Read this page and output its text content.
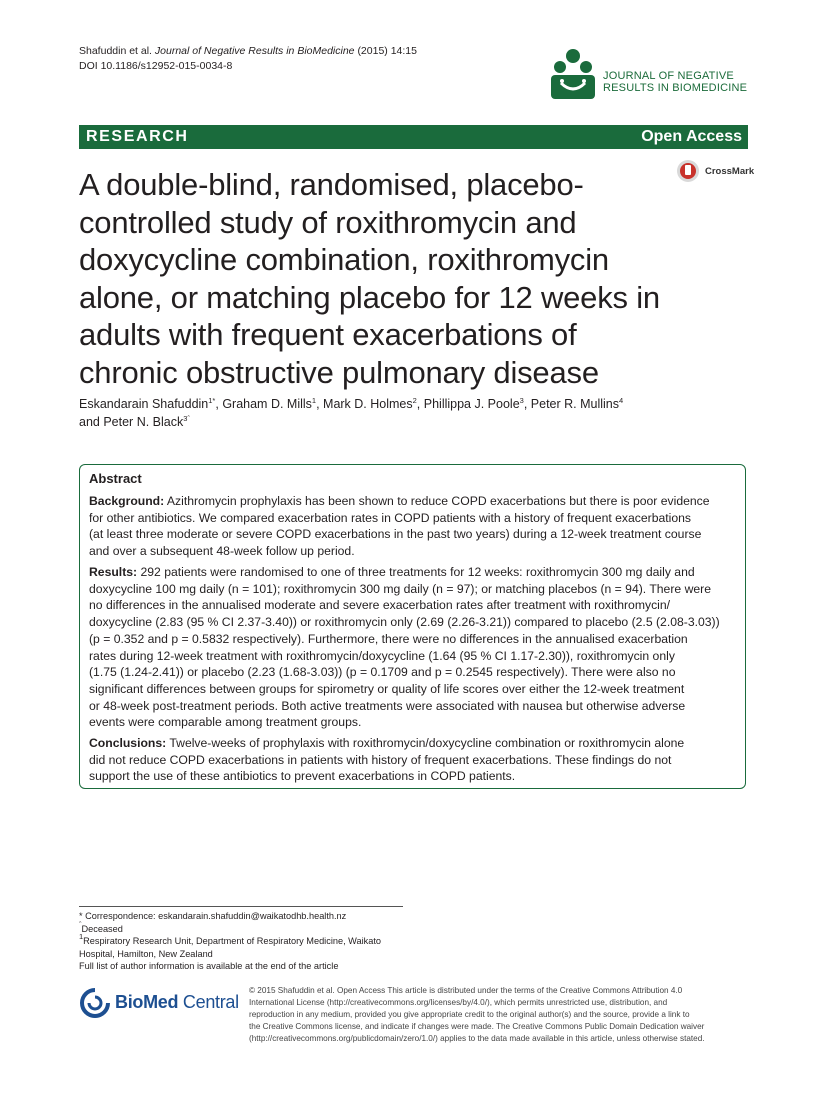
Shafuddin et al. Journal of Negative Results in BioMedicine (2015) 14:15
DOI 10.1186/s12952-015-0034-8
JOURNAL OF NEGATIVE
RESULTS IN BIOMEDICINE
RESEARCH	Open Access
CrossMark
A double-blind, randomised, placebo-
controlled study of roxithromycin and
doxycycline combination, roxithromycin
alone, or matching placebo for 12 weeks in
adults with frequent exacerbations of
chronic obstructive pulmonary disease
Eskandarain Shafuddin$^{1*}$, Graham D. Mills$^1$, Mark D. Holmes$^2$, Phillippa J. Poole$^3$, Peter R. Mullins$^4$
and Peter N. Black$^{3ˆ}$
Abstract
Background: Azithromycin prophylaxis has been shown to reduce COPD exacerbations but there is poor evidence
for other antibiotics. We compared exacerbation rates in COPD patients with a history of frequent exacerbations
(at least three moderate or severe COPD exacerbations in the past two years) during a 12-week treatment course
and over a subsequent 48-week follow up period.
Results: 292 patients were randomised to one of three treatments for 12 weeks: roxithromycin 300 mg daily and
doxycycline 100 mg daily (n = 101); roxithromycin 300 mg daily (n = 97); or matching placebos (n = 94). There were
no differences in the annualised moderate and severe exacerbation rates after treatment with roxithromycin/
doxycycline (2.83 (95 % CI 2.37-3.40)) or roxithromycin only (2.69 (2.26-3.21)) compared to placebo (2.5 (2.08-3.03))
(p = 0.352 and p = 0.5832 respectively). Furthermore, there were no differences in the annualised exacerbation
rates during 12-week treatment with roxithromycin/doxycycline (1.64 (95 % CI 1.17-2.30)), roxithromycin only
(1.75 (1.24-2.41)) or placebo (2.23 (1.68-3.03)) (p = 0.1709 and p = 0.2545 respectively). There were also no
significant differences between groups for spirometry or quality of life scores over either the 12-week treatment
or 48-week post-treatment periods. Both active treatments were associated with nausea but otherwise adverse
events were comparable among treatment groups.
Conclusions: Twelve-weeks of prophylaxis with roxithromycin/doxycycline combination or roxithromycin alone
did not reduce COPD exacerbations in patients with history of frequent exacerbations. These findings do not
support the use of these antibiotics to prevent exacerbations in COPD patients.
* Correspondence: eskandarain.shafuddin@waikatodhb.health.nz
$^ˆ$Deceased
$^1$Respiratory Research Unit, Department of Respiratory Medicine, Waikato
Hospital, Hamilton, New Zealand
Full list of author information is available at the end of the article
BioMed Central
© 2015 Shafuddin et al. Open Access This article is distributed under the terms of the Creative Commons Attribution 4.0
International License (http://creativecommons.org/licenses/by/4.0/), which permits unrestricted use, distribution, and
reproduction in any medium, provided you give appropriate credit to the original author(s) and the source, provide a link to
the Creative Commons license, and indicate if changes were made. The Creative Commons Public Domain Dedication waiver
(http://creativecommons.org/publicdomain/zero/1.0/) applies to the data made available in this article, unless otherwise stated.
